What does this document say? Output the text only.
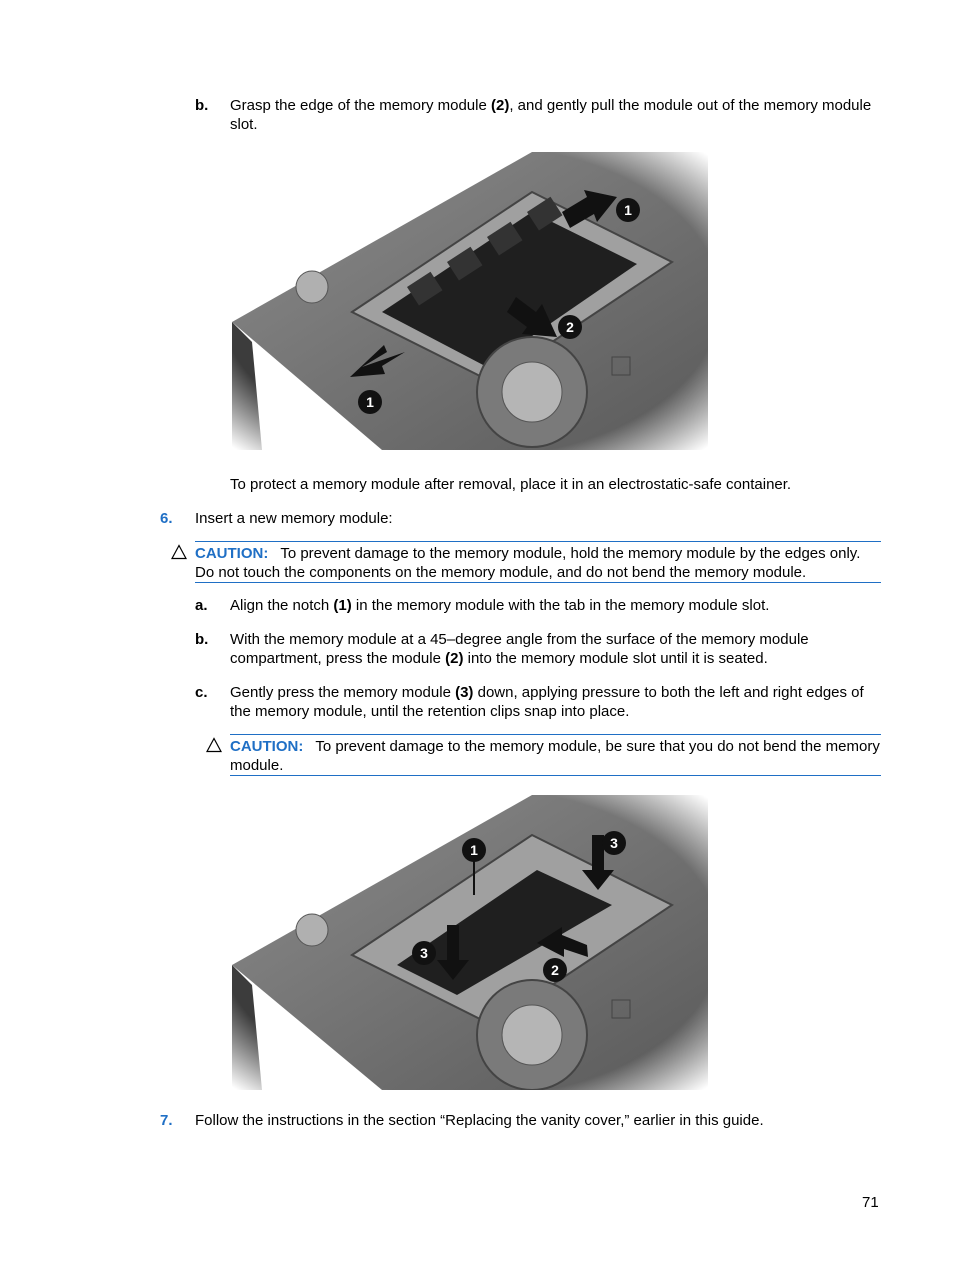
b. Grasp the edge of the memory module (2), and gently pull the module out of the memory module slot.
1
2
1
To protect a memory module after removal, place it in an electrostatic-safe container.
6. Insert a new memory module:
CAUTION: To prevent damage to the memory module, hold the memory module by the edges only. Do not touch the components on the memory module, and do not bend the memory module.
a. Align the notch (1) in the memory module with the tab in the memory module slot.
b. With the memory module at a 45–degree angle from the surface of the memory module compartment, press the module (2) into the memory module slot until it is seated.
c. Gently press the memory module (3) down, applying pressure to both the left and right edges of the memory module, until the retention clips snap into place.
CAUTION: To prevent damage to the memory module, be sure that you do not bend the memory module.
1	3
3
2
7. Follow the instructions in the section “Replacing the vanity cover,” earlier in this guide.
71
